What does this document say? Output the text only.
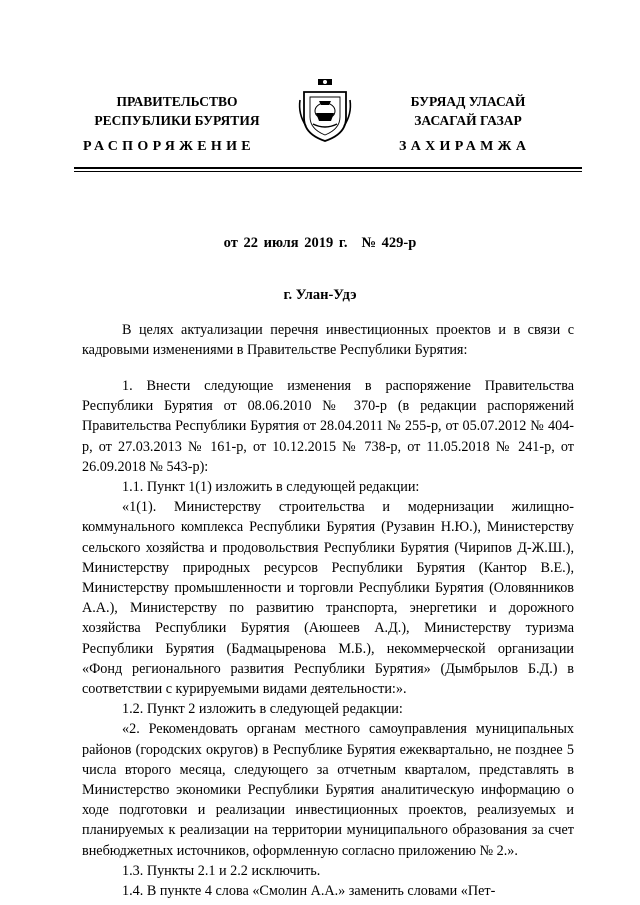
ПРАВИТЕЛЬСТВО
РЕСПУБЛИКИ БУРЯТИЯ
БУРЯАД УЛАСАЙ
ЗАСАГАЙ ГАЗАР
РАСПОРЯЖЕНИЕ	ЗАХИРАМЖА
от 22 июля 2019 г. № 429-р
г. Улан-Удэ

В целях актуализации перечня инвестиционных проектов и в связи с кадровыми изменениями в Правительстве Республики Бурятия:

1. Внести следующие изменения в распоряжение Правительства Республики Бурятия от 08.06.2010 № 370-р (в редакции распоряжений Правительства Республики Бурятия от 28.04.2011 № 255-р, от 05.07.2012 № 404-р, от 27.03.2013 № 161-р, от 10.12.2015 № 738-р, от 11.05.2018 № 241-р, от 26.09.2018 № 543-р):

1.1. Пункт 1(1) изложить в следующей редакции:

«1(1). Министерству строительства и модернизации жилищно-коммунального комплекса Республики Бурятия (Рузавин Н.Ю.), Министерству сельского хозяйства и продовольствия Республики Бурятия (Чирипов Д-Ж.Ш.), Министерству природных ресурсов Республики Бурятия (Кантор В.Е.), Министерству промышленности и торговли Республики Бурятия (Оловянников А.А.), Министерству по развитию транспорта, энергетики и дорожного хозяйства Республики Бурятия (Аюшеев А.Д.), Министерству туризма Республики Бурятия (Бадмацыренова М.Б.), некоммерческой организации «Фонд регионального развития Республики Бурятия» (Дымбрылов Б.Д.) в соответствии с курируемыми видами деятельности:».

1.2. Пункт 2 изложить в следующей редакции:

«2. Рекомендовать органам местного самоуправления муниципальных районов (городских округов) в Республике Бурятия ежеквартально, не позднее 5 числа второго месяца, следующего за отчетным кварталом, представлять в Министерство экономики Республики Бурятия аналитическую информацию о ходе подготовки и реализации инвестиционных проектов, реализуемых и планируемых к реализации на территории муниципального образования за счет внебюджетных источников, оформленную согласно приложению № 2.».

1.3. Пункты 2.1 и 2.2 исключить.

1.4. В пункте 4 слова «Смолин А.А.» заменить словами «Пет-
